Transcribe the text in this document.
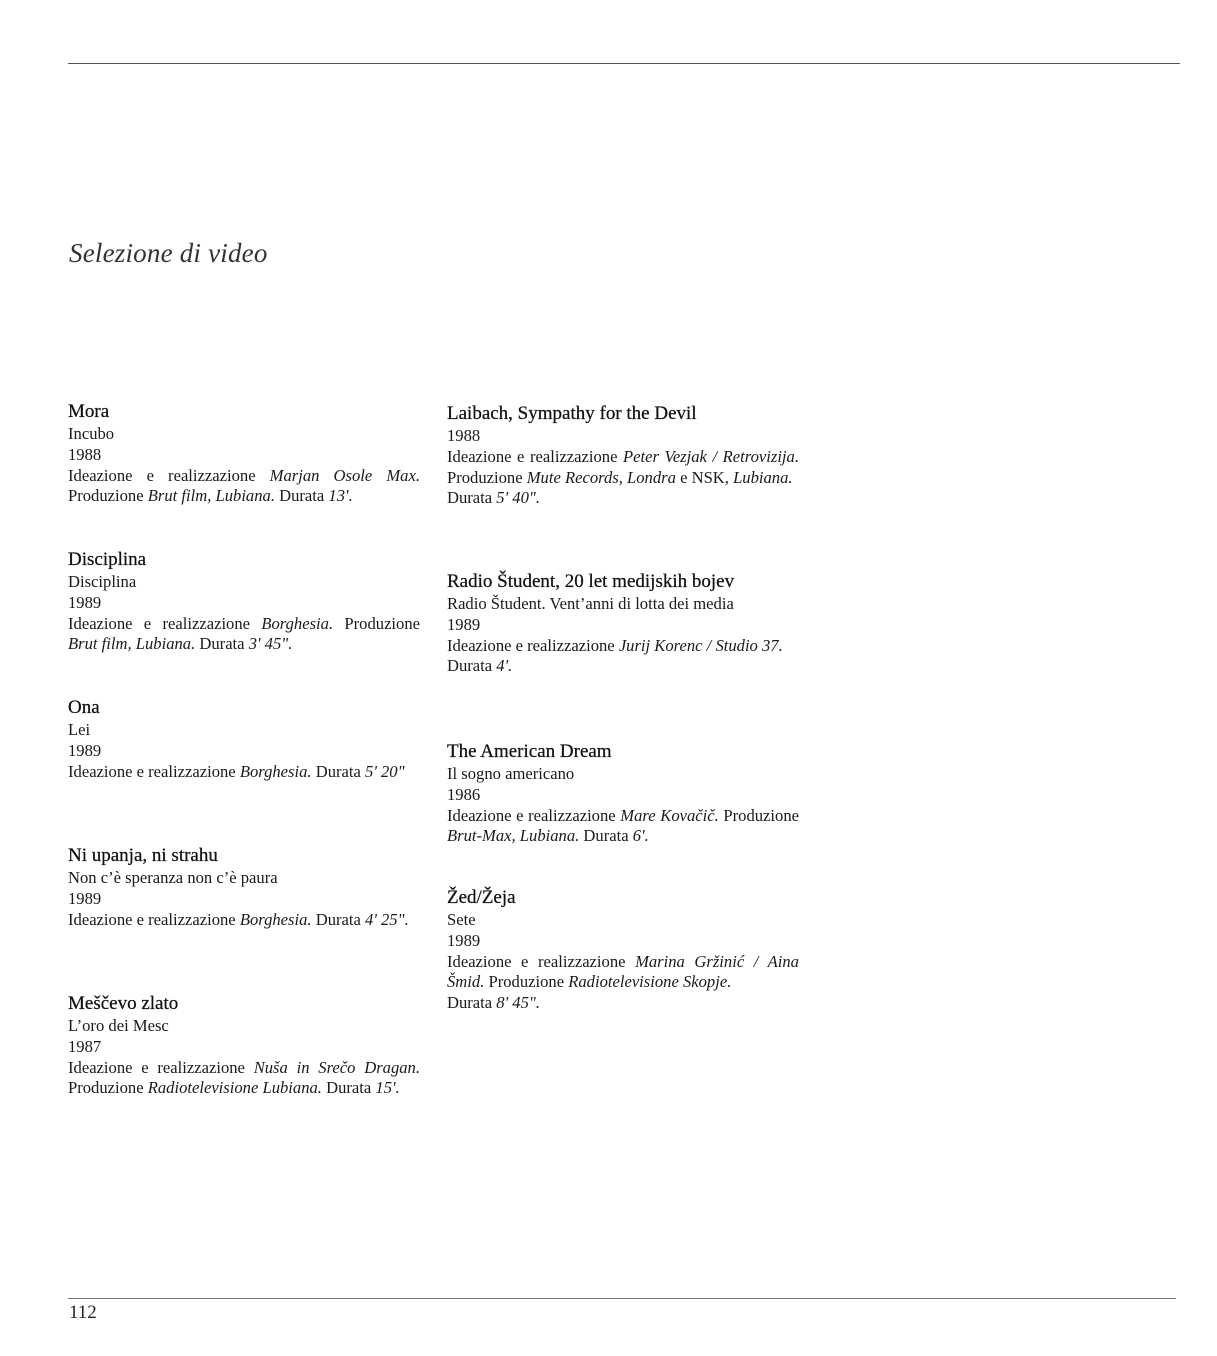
Selezione di video
Mora

Incubo

1988

Ideazione e realizzazione Marjan Osole Max. Produzione Brut film, Lubiana. Durata 13'.

Disciplina

Disciplina

1989

Ideazione e realizzazione Borghesia. Produzione Brut film, Lubiana. Durata 3' 45".

Ona

Lei

1989

Ideazione e realizzazione Borghesia. Durata 5' 20"

Ni upanja, ni strahu

Non c’è speranza non c’è paura

1989

Ideazione e realizzazione Borghesia. Durata 4' 25".

Meščevo zlato

L’oro dei Mesc

1987

Ideazione e realizzazione Nuša in Srečo Dragan. Produzione Radiotelevisione Lubiana. Durata 15'.

Laibach, Sympathy for the Devil

1988

Ideazione e realizzazione Peter Vezjak / Retrovizija. Produzione Mute Records, Londra e NSK, Lubiana.

Durata 5' 40".

Radio Študent, 20 let medijskih bojev

Radio Študent. Vent’anni di lotta dei media

1989

Ideazione e realizzazione Jurij Korenc / Studio 37.

Durata 4'.

The American Dream

Il sogno americano

1986

Ideazione e realizzazione Mare Kovačič. Produzione Brut-Max, Lubiana. Durata 6'.

Žed/Žeja

Sete

1989

Ideazione e realizzazione Marina Gržinić / Aina Šmid. Produzione Radiotelevisione Skopje.

Durata 8' 45".

112
